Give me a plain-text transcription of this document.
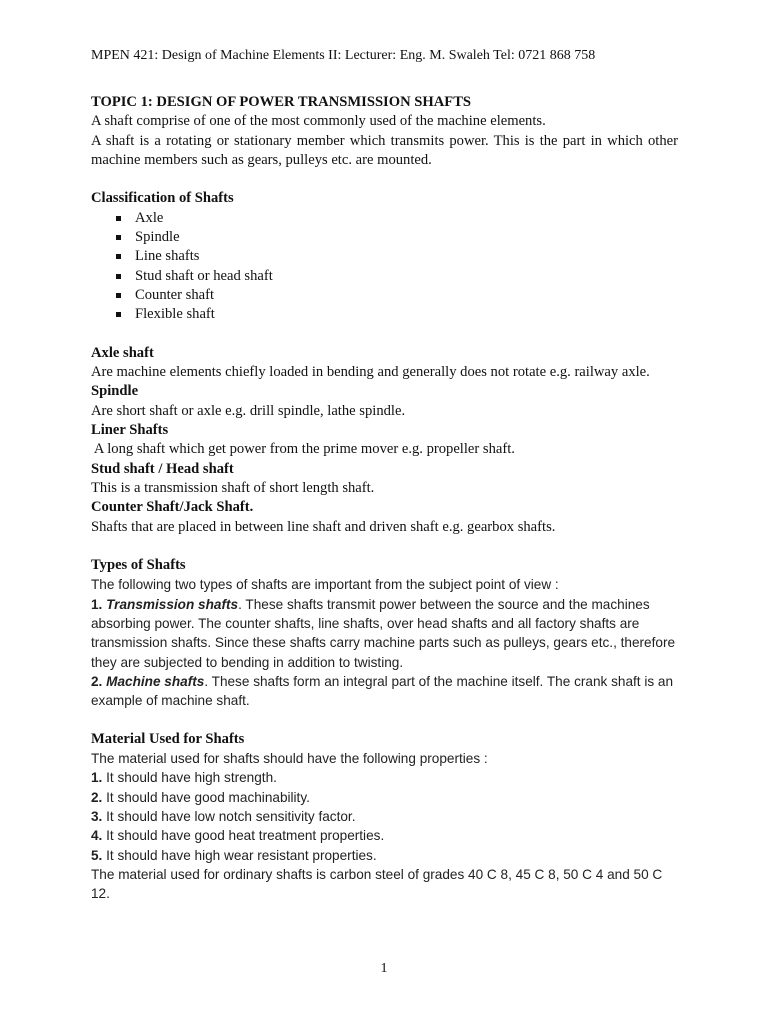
MPEN 421: Design of Machine Elements II: Lecturer: Eng. M. Swaleh Tel: 0721 868 758

TOPIC 1: DESIGN OF POWER TRANSMISSION SHAFTS

A shaft comprise of one of the most commonly used of the machine elements.

A shaft is a rotating or stationary member which transmits power. This is the part in which other machine members such as gears, pulleys etc. are mounted.

Classification of Shafts

Axle
Spindle
Line shafts
Stud shaft or head shaft
Counter shaft
Flexible shaft

Axle shaft

Are machine elements chiefly loaded in bending and generally does not rotate e.g. railway axle.

Spindle

Are short shaft or axle e.g. drill spindle, lathe spindle.

Liner Shafts

A long shaft which get power from the prime mover e.g. propeller shaft.

Stud shaft / Head shaft

This is a transmission shaft of short length shaft.

Counter Shaft/Jack Shaft.

Shafts that are placed in between line shaft and driven shaft e.g. gearbox shafts.

Types of Shafts

The following two types of shafts are important from the subject point of view :

1. Transmission shafts. These shafts transmit power between the source and the machines absorbing power. The counter shafts, line shafts, over head shafts and all factory shafts are transmission shafts. Since these shafts carry machine parts such as pulleys, gears etc., therefore they are subjected to bending in addition to twisting.

2. Machine shafts. These shafts form an integral part of the machine itself. The crank shaft is an example of machine shaft.

Material Used for Shafts

The material used for shafts should have the following properties :

1. It should have high strength.

2. It should have good machinability.

3. It should have low notch sensitivity factor.

4. It should have good heat treatment properties.

5. It should have high wear resistant properties.

The material used for ordinary shafts is carbon steel of grades 40 C 8, 45 C 8, 50 C 4 and 50 C 12.

1
